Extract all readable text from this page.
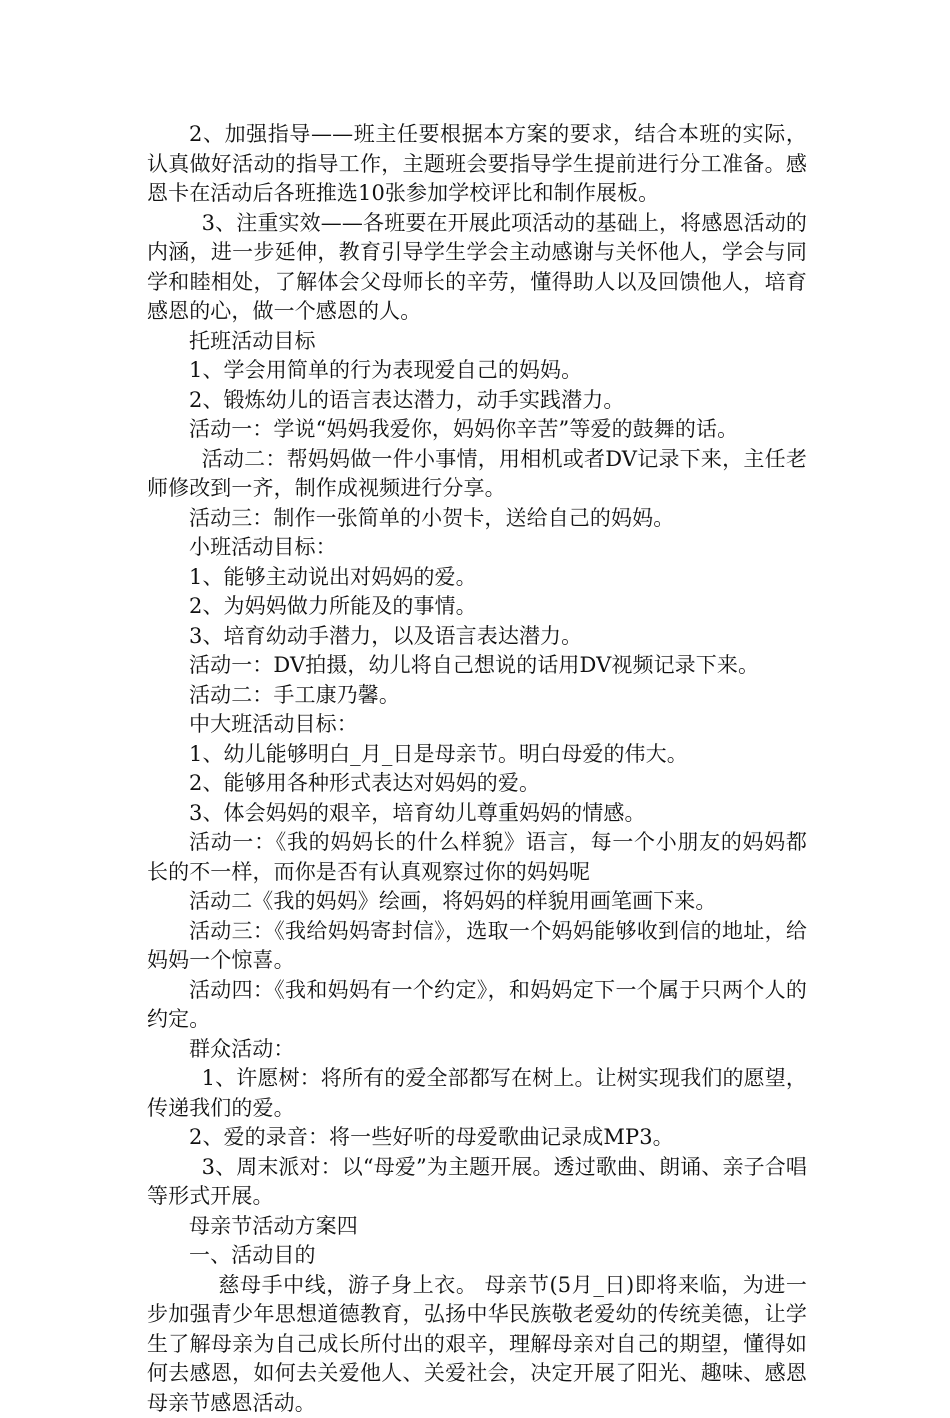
2、加强指导——班主任要根据本方案的要求，结合本班的实际，认真做好活动的指导工作，主题班会要指导学生提前进行分工准备。感恩卡在活动后各班推选10张参加学校评比和制作展板。

3、注重实效——各班要在开展此项活动的基础上，将感恩活动的内涵，进一步延伸，教育引导学生学会主动感谢与关怀他人，学会与同学和睦相处，了解体会父母师长的辛劳，懂得助人以及回馈他人，培育感恩的心，做一个感恩的人。

托班活动目标

1、学会用简单的行为表现爱自己的妈妈。

2、锻炼幼儿的语言表达潜力，动手实践潜力。

活动一：学说“妈妈我爱你，妈妈你辛苦”等爱的鼓舞的话。

活动二：帮妈妈做一件小事情，用相机或者DV记录下来，主任老师修改到一齐，制作成视频进行分享。

活动三：制作一张简单的小贺卡，送给自己的妈妈。

小班活动目标：

1、能够主动说出对妈妈的爱。

2、为妈妈做力所能及的事情。

3、培育幼动手潜力，以及语言表达潜力。

活动一：DV拍摄，幼儿将自己想说的话用DV视频记录下来。

活动二：手工康乃馨。

中大班活动目标：

1、幼儿能够明白_月_日是母亲节。明白母爱的伟大。

2、能够用各种形式表达对妈妈的爱。

3、体会妈妈的艰辛，培育幼儿尊重妈妈的情感。

活动一：《我的妈妈长的什么样貌》语言，每一个小朋友的妈妈都长的不一样，而你是否有认真观察过你的妈妈呢

活动二《我的妈妈》绘画，将妈妈的样貌用画笔画下来。

活动三：《我给妈妈寄封信》，选取一个妈妈能够收到信的地址，给妈妈一个惊喜。

活动四：《我和妈妈有一个约定》，和妈妈定下一个属于只两个人的约定。

群众活动：

1、许愿树：将所有的爱全部都写在树上。让树实现我们的愿望，传递我们的爱。

2、爱的录音：将一些好听的母爱歌曲记录成MP3。

3、周末派对：以“母爱”为主题开展。透过歌曲、朗诵、亲子合唱等形式开展。

母亲节活动方案四

一、活动目的

慈母手中线，游子身上衣。 母亲节(5月_日)即将来临，为进一步加强青少年思想道德教育，弘扬中华民族敬老爱幼的传统美德，让学生了解母亲为自己成长所付出的艰辛，理解母亲对自己的期望，懂得如何去感恩，如何去关爱他人、关爱社会，决定开展了阳光、趣味、感恩 母亲节感恩活动。
